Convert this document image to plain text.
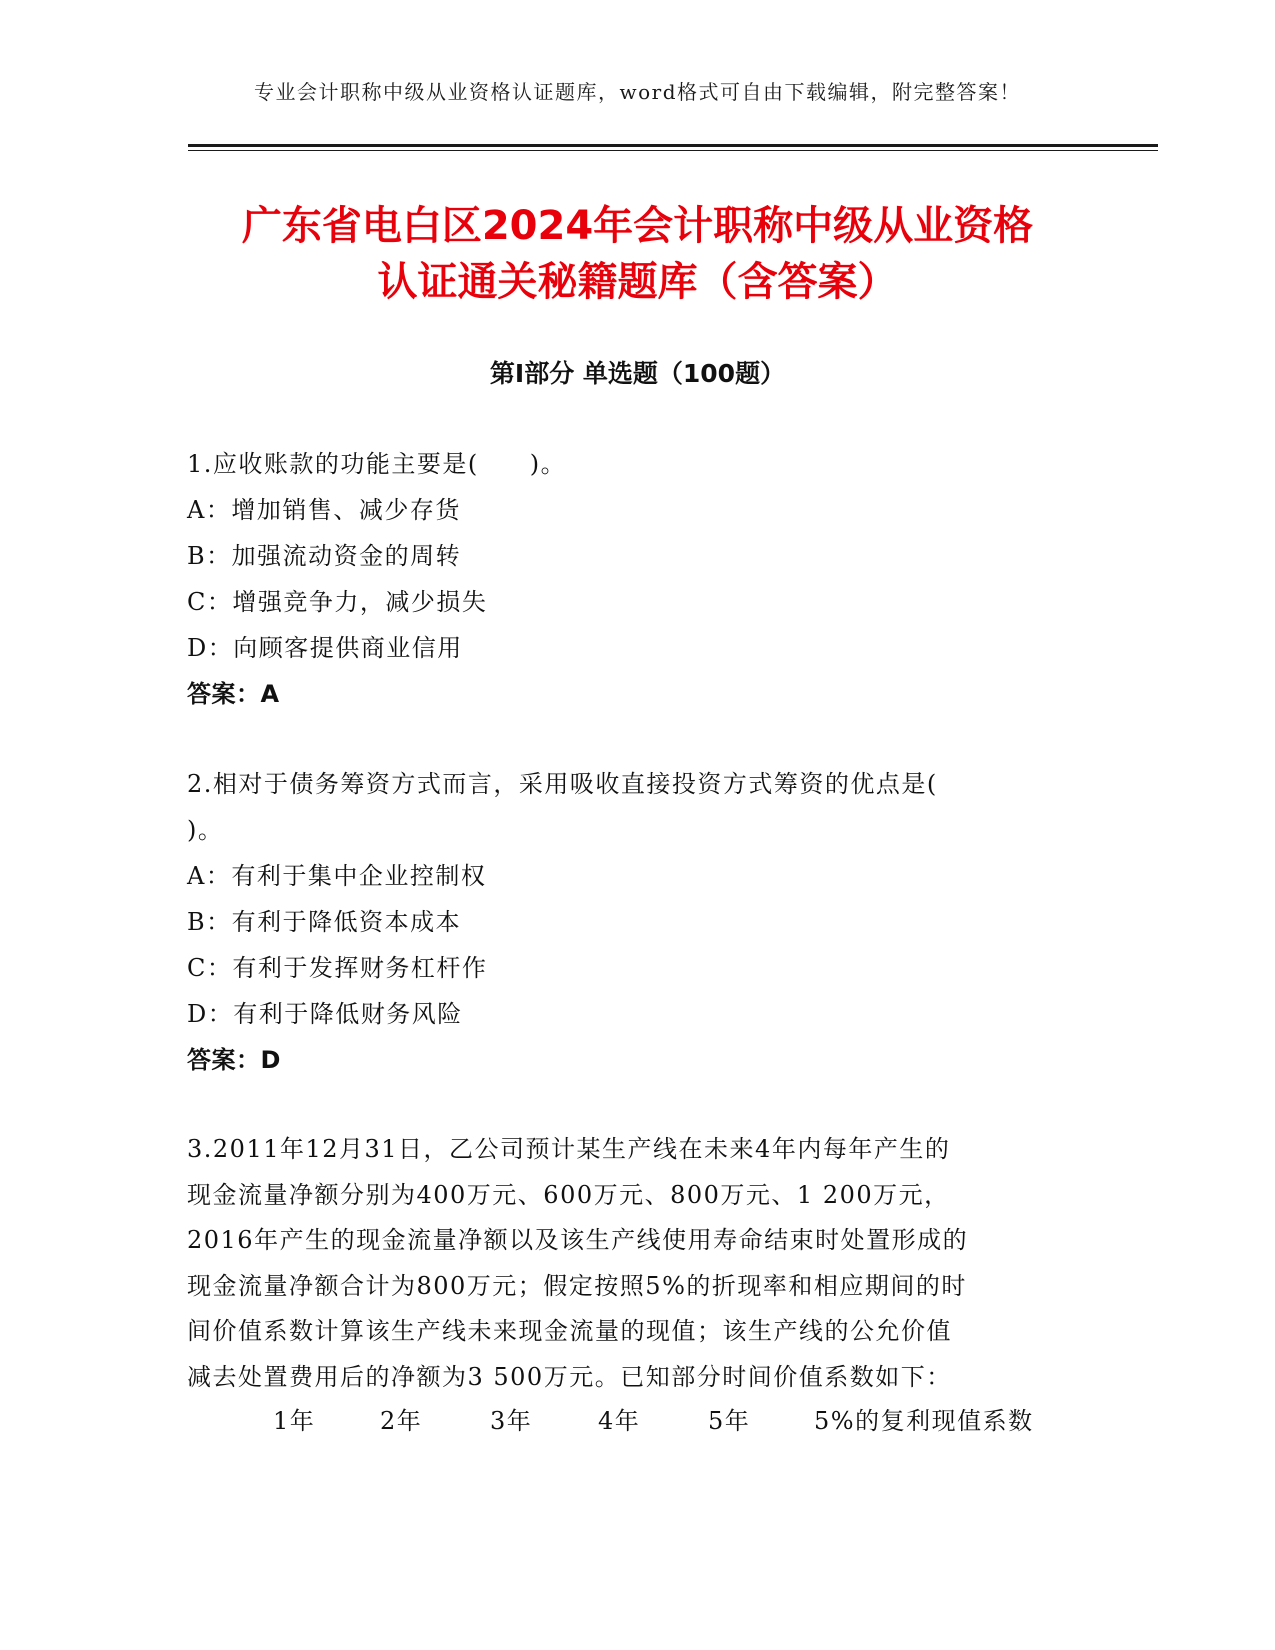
专业会计职称中级从业资格认证题库，word格式可自由下载编辑，附完整答案！
广东省电白区2024年会计职称中级从业资格
认证通关秘籍题库（含答案）
第Ⅰ部分 单选题（100题）
1.应收账款的功能主要是(　　)。
A：增加销售、减少存货
B：加强流动资金的周转
C：增强竞争力，减少损失
D：向顾客提供商业信用
答案：A
2.相对于债务筹资方式而言，采用吸收直接投资方式筹资的优点是(
)。
A：有利于集中企业控制权
B：有利于降低资本成本
C：有利于发挥财务杠杆作
D：有利于降低财务风险
答案：D
3.2011年12月31日，乙公司预计某生产线在未来4年内每年产生的
现金流量净额分别为400万元、600万元、800万元、1 200万元，
2016年产生的现金流量净额以及该生产线使用寿命结束时处置形成的
现金流量净额合计为800万元；假定按照5%的折现率和相应期间的时
间价值系数计算该生产线未来现金流量的现值；该生产线的公允价值
减去处置费用后的净额为3 500万元。已知部分时间价值系数如下：
1年	2年	3年	4年	5年	5%的复利现值系数
